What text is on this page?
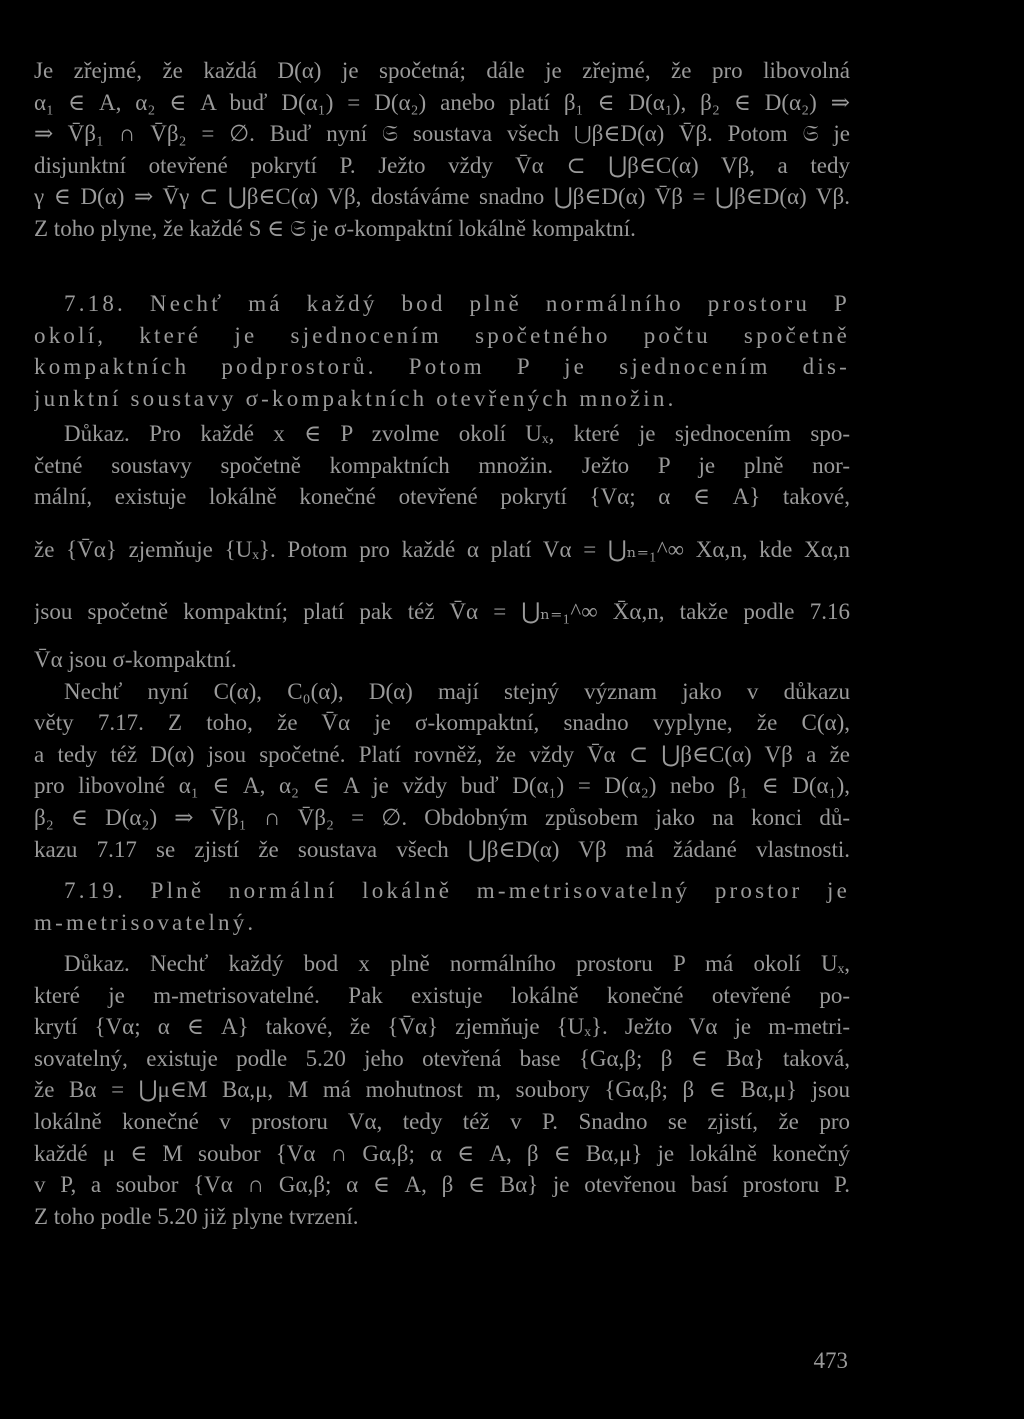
Je zřejmé, že každá D(α) je spočetná; dále je zřejmé, že pro libovolná
α₁ ∈ A, α₂ ∈ A buď D(α₁) = D(α₂) anebo platí β₁ ∈ D(α₁), β₂ ∈ D(α₂) ⇒
⇒ V̄β₁ ∩ V̄β₂ = ∅. Buď nyní 𝔖 soustava všech ⋃β∈D(α) V̄β. Potom 𝔖 je
disjunktní otevřené pokrytí P. Ježto vždy V̄α ⊂ ⋃β∈C(α) Vβ, a tedy
γ ∈ D(α) ⇒ V̄γ ⊂ ⋃β∈C(α) Vβ, dostáváme snadno ⋃β∈D(α) V̄β = ⋃β∈D(α) Vβ.
Z toho plyne, že každé S ∈ 𝔖 je σ-kompaktní lokálně kompaktní.
7.18. Nechť má každý bod plně normálního prostoru P
okolí, které je sjednocením spočetného počtu spočetně
kompaktních podprostorů. Potom P je sjednocením dis-
junktní soustavy σ-kompaktních otevřených množin.
Důkaz. Pro každé x ∈ P zvolme okolí Uₓ, které je sjednocením spo-
četné soustavy spočetně kompaktních množin. Ježto P je plně nor-
mální, existuje lokálně konečné otevřené pokrytí {Vα; α ∈ A} takové,
že {V̄α} zjemňuje {Uₓ}. Potom pro každé α platí Vα = ⋃ₙ₌₁^∞ Xα,n, kde Xα,n
jsou spočetně kompaktní; platí pak též V̄α = ⋃ₙ₌₁^∞ X̄α,n, takže podle 7.16
V̄α jsou σ-kompaktní.
Nechť nyní C(α), C₀(α), D(α) mají stejný význam jako v důkazu
věty 7.17. Z toho, že V̄α je σ-kompaktní, snadno vyplyne, že C(α),
a tedy též D(α) jsou spočetné. Platí rovněž, že vždy V̄α ⊂ ⋃β∈C(α) Vβ a že
pro libovolné α₁ ∈ A, α₂ ∈ A je vždy buď D(α₁) = D(α₂) nebo β₁ ∈ D(α₁),
β₂ ∈ D(α₂) ⇒ V̄β₁ ∩ V̄β₂ = ∅. Obdobným způsobem jako na konci dů-
kazu 7.17 se zjistí že soustava všech ⋃β∈D(α) Vβ má žádané vlastnosti.
7.19. Plně normální lokálně m-metrisovatelný prostor je
m-metrisovatelný.
Důkaz. Nechť každý bod x plně normálního prostoru P má okolí Uₓ,
které je m-metrisovatelné. Pak existuje lokálně konečné otevřené po-
krytí {Vα; α ∈ A} takové, že {V̄α} zjemňuje {Uₓ}. Ježto Vα je m-metri-
sovatelný, existuje podle 5.20 jeho otevřená base {Gα,β; β ∈ Bα} taková,
že Bα = ⋃μ∈M Bα,μ, M má mohutnost m, soubory {Gα,β; β ∈ Bα,μ} jsou
lokálně konečné v prostoru Vα, tedy též v P. Snadno se zjistí, že pro
každé μ ∈ M soubor {Vα ∩ Gα,β; α ∈ A, β ∈ Bα,μ} je lokálně konečný
v P, a soubor {Vα ∩ Gα,β; α ∈ A, β ∈ Bα} je otevřenou basí prostoru P.
Z toho podle 5.20 již plyne tvrzení.
473
